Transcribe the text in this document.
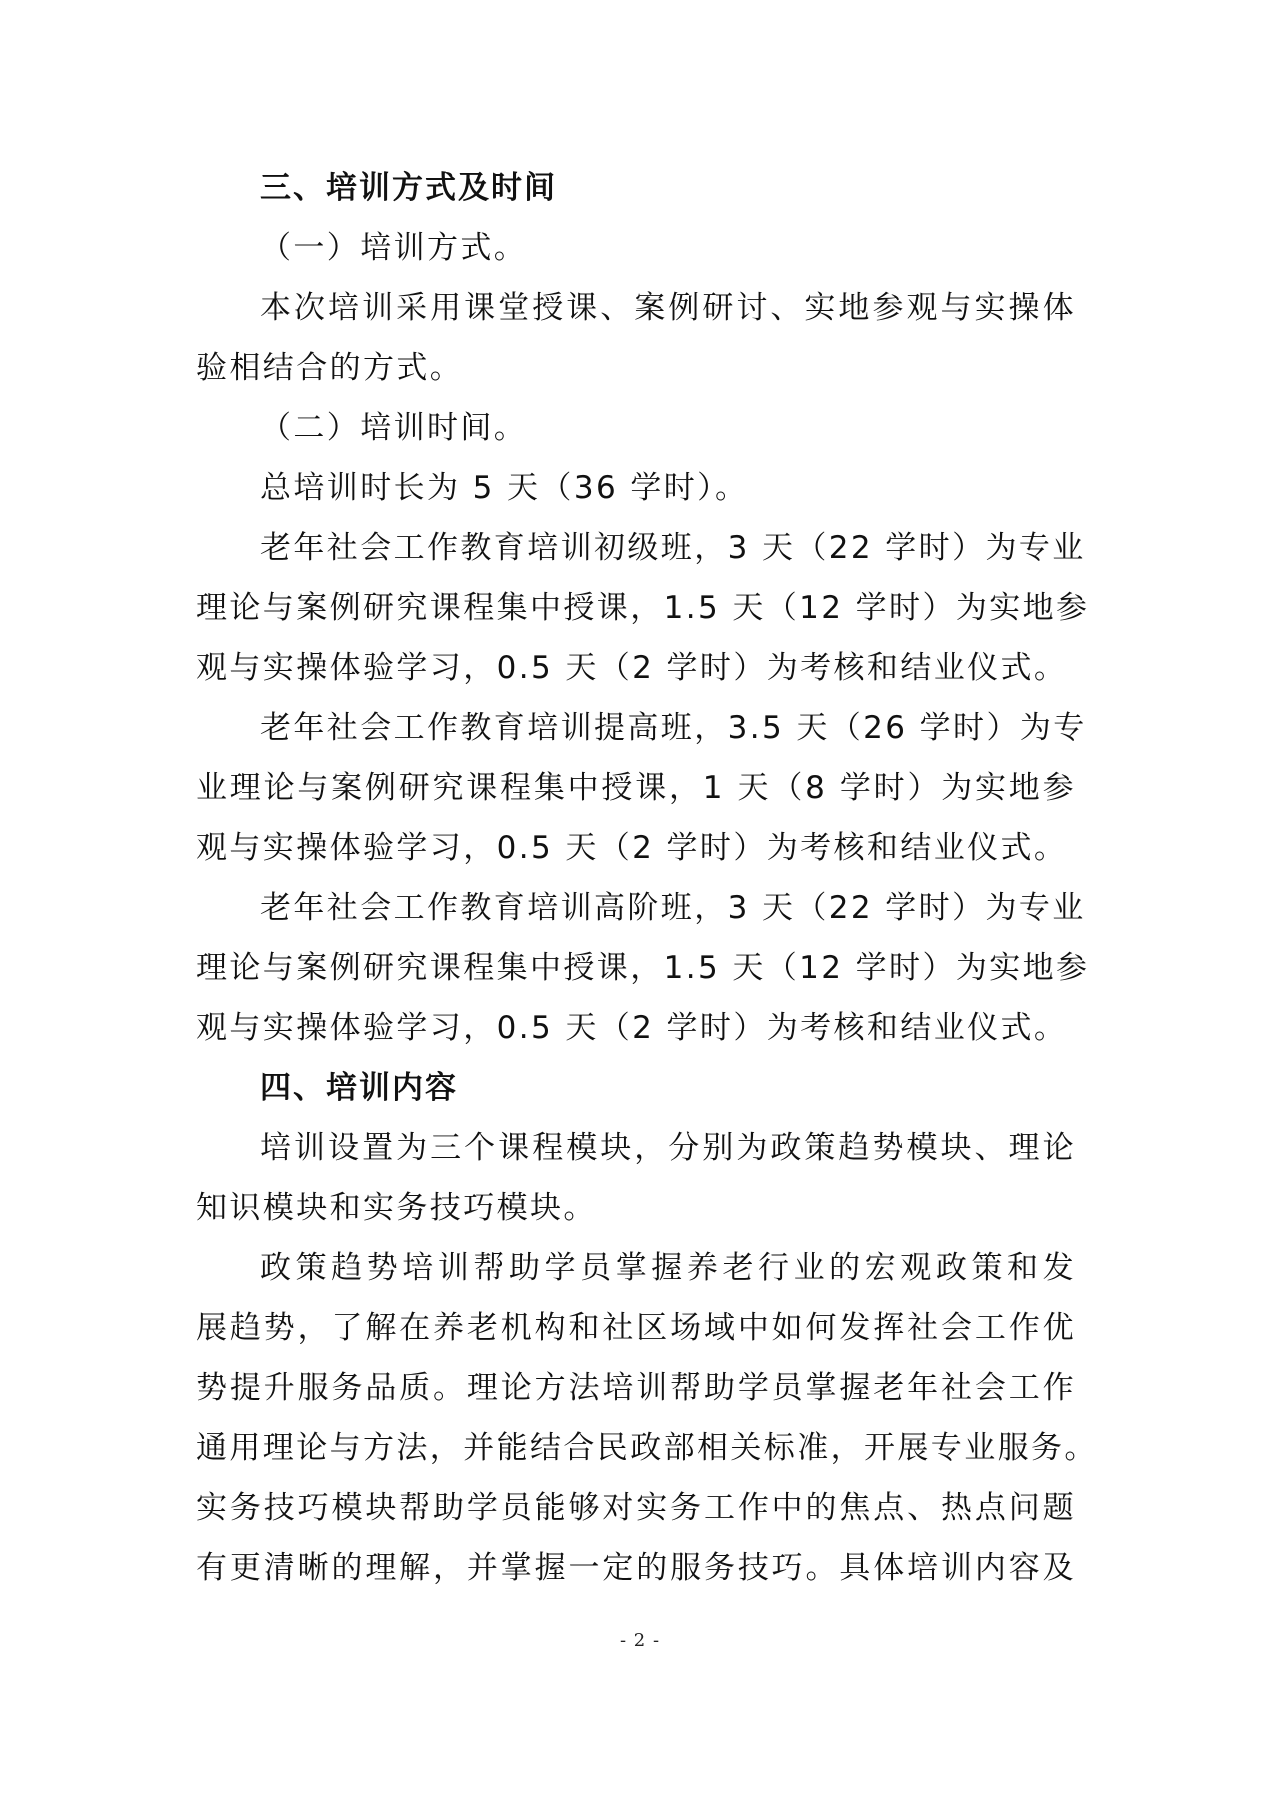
三、培训方式及时间
（一）培训方式。
本次培训采用课堂授课、案例研讨、实地参观与实操体
验相结合的方式。
（二）培训时间。
总培训时长为 5 天（36 学时）。
老年社会工作教育培训初级班，3 天（22 学时）为专业
理论与案例研究课程集中授课，1.5 天（12 学时）为实地参
观与实操体验学习，0.5 天（2 学时）为考核和结业仪式。
老年社会工作教育培训提高班，3.5 天（26 学时）为专
业理论与案例研究课程集中授课，1 天（8 学时）为实地参
观与实操体验学习，0.5 天（2 学时）为考核和结业仪式。
老年社会工作教育培训高阶班，3 天（22 学时）为专业
理论与案例研究课程集中授课，1.5 天（12 学时）为实地参
观与实操体验学习，0.5 天（2 学时）为考核和结业仪式。
四、培训内容
培训设置为三个课程模块，分别为政策趋势模块、理论
知识模块和实务技巧模块。
政策趋势培训帮助学员掌握养老行业的宏观政策和发
展趋势，了解在养老机构和社区场域中如何发挥社会工作优
势提升服务品质。理论方法培训帮助学员掌握老年社会工作
通用理论与方法，并能结合民政部相关标准，开展专业服务。
实务技巧模块帮助学员能够对实务工作中的焦点、热点问题
有更清晰的理解，并掌握一定的服务技巧。具体培训内容及
- 2 -
